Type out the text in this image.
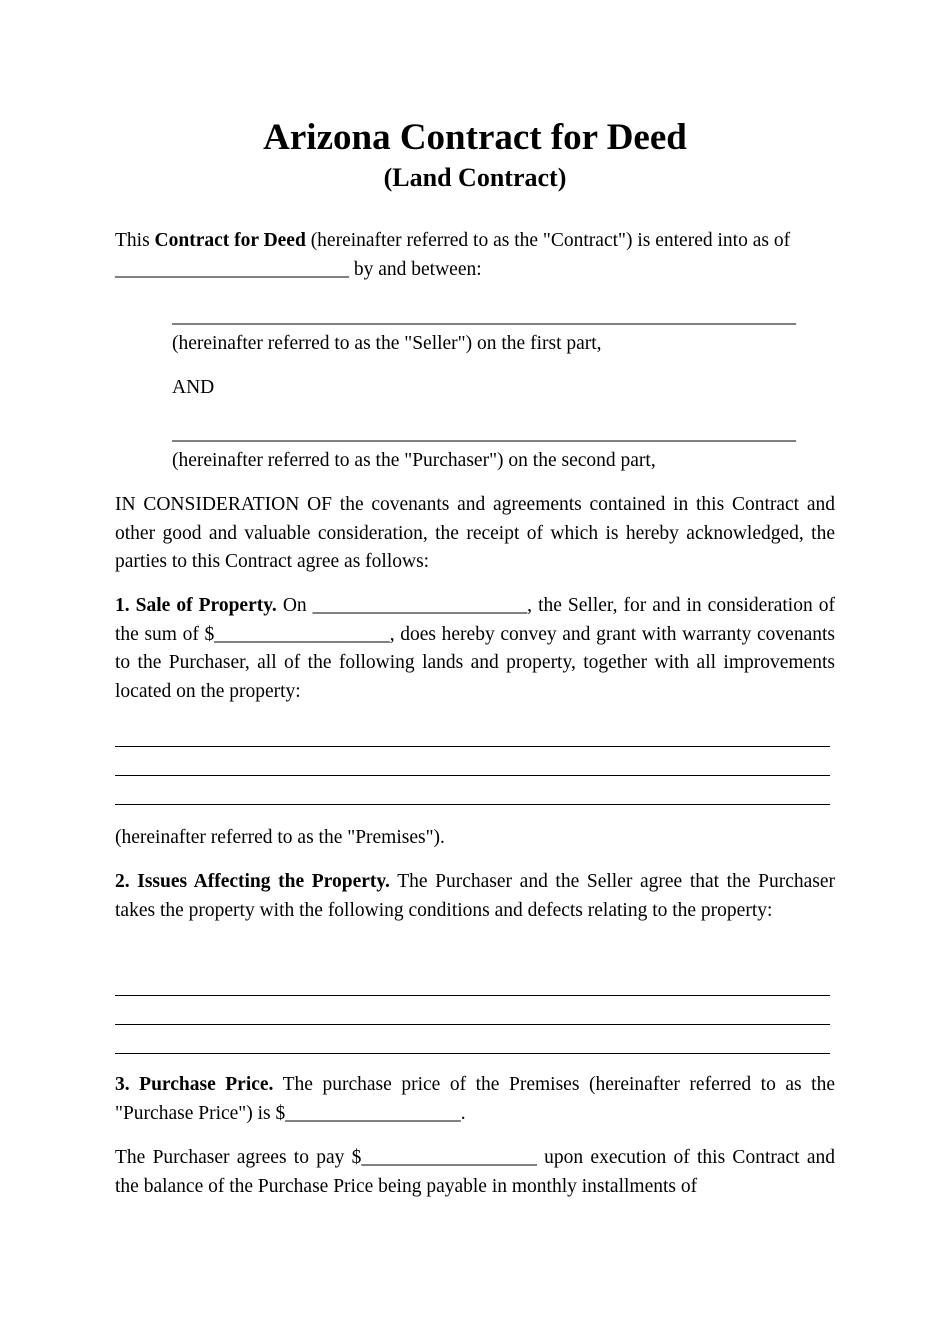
Arizona Contract for Deed
(Land Contract)

This Contract for Deed (hereinafter referred to as the "Contract") is entered into as of

________________________ by and between:

________________________________________________________________

(hereinafter referred to as the "Seller") on the first part,

AND

________________________________________________________________

(hereinafter referred to as the "Purchaser") on the second part,

IN CONSIDERATION OF the covenants and agreements contained in this Contract and other good and valuable consideration, the receipt of which is hereby acknowledged, the parties to this Contract agree as follows:

1. Sale of Property. On ______________________, the Seller, for and in consideration of the sum of $__________________, does hereby convey and grant with warranty covenants to the Purchaser, all of the following lands and property, together with all improvements located on the property:

(hereinafter referred to as the "Premises").

2. Issues Affecting the Property. The Purchaser and the Seller agree that the Purchaser takes the property with the following conditions and defects relating to the property:

3. Purchase Price. The purchase price of the Premises (hereinafter referred to as the "Purchase Price") is $__________________.

The Purchaser agrees to pay $__________________ upon execution of this Contract and the balance of the Purchase Price being payable in monthly installments of
